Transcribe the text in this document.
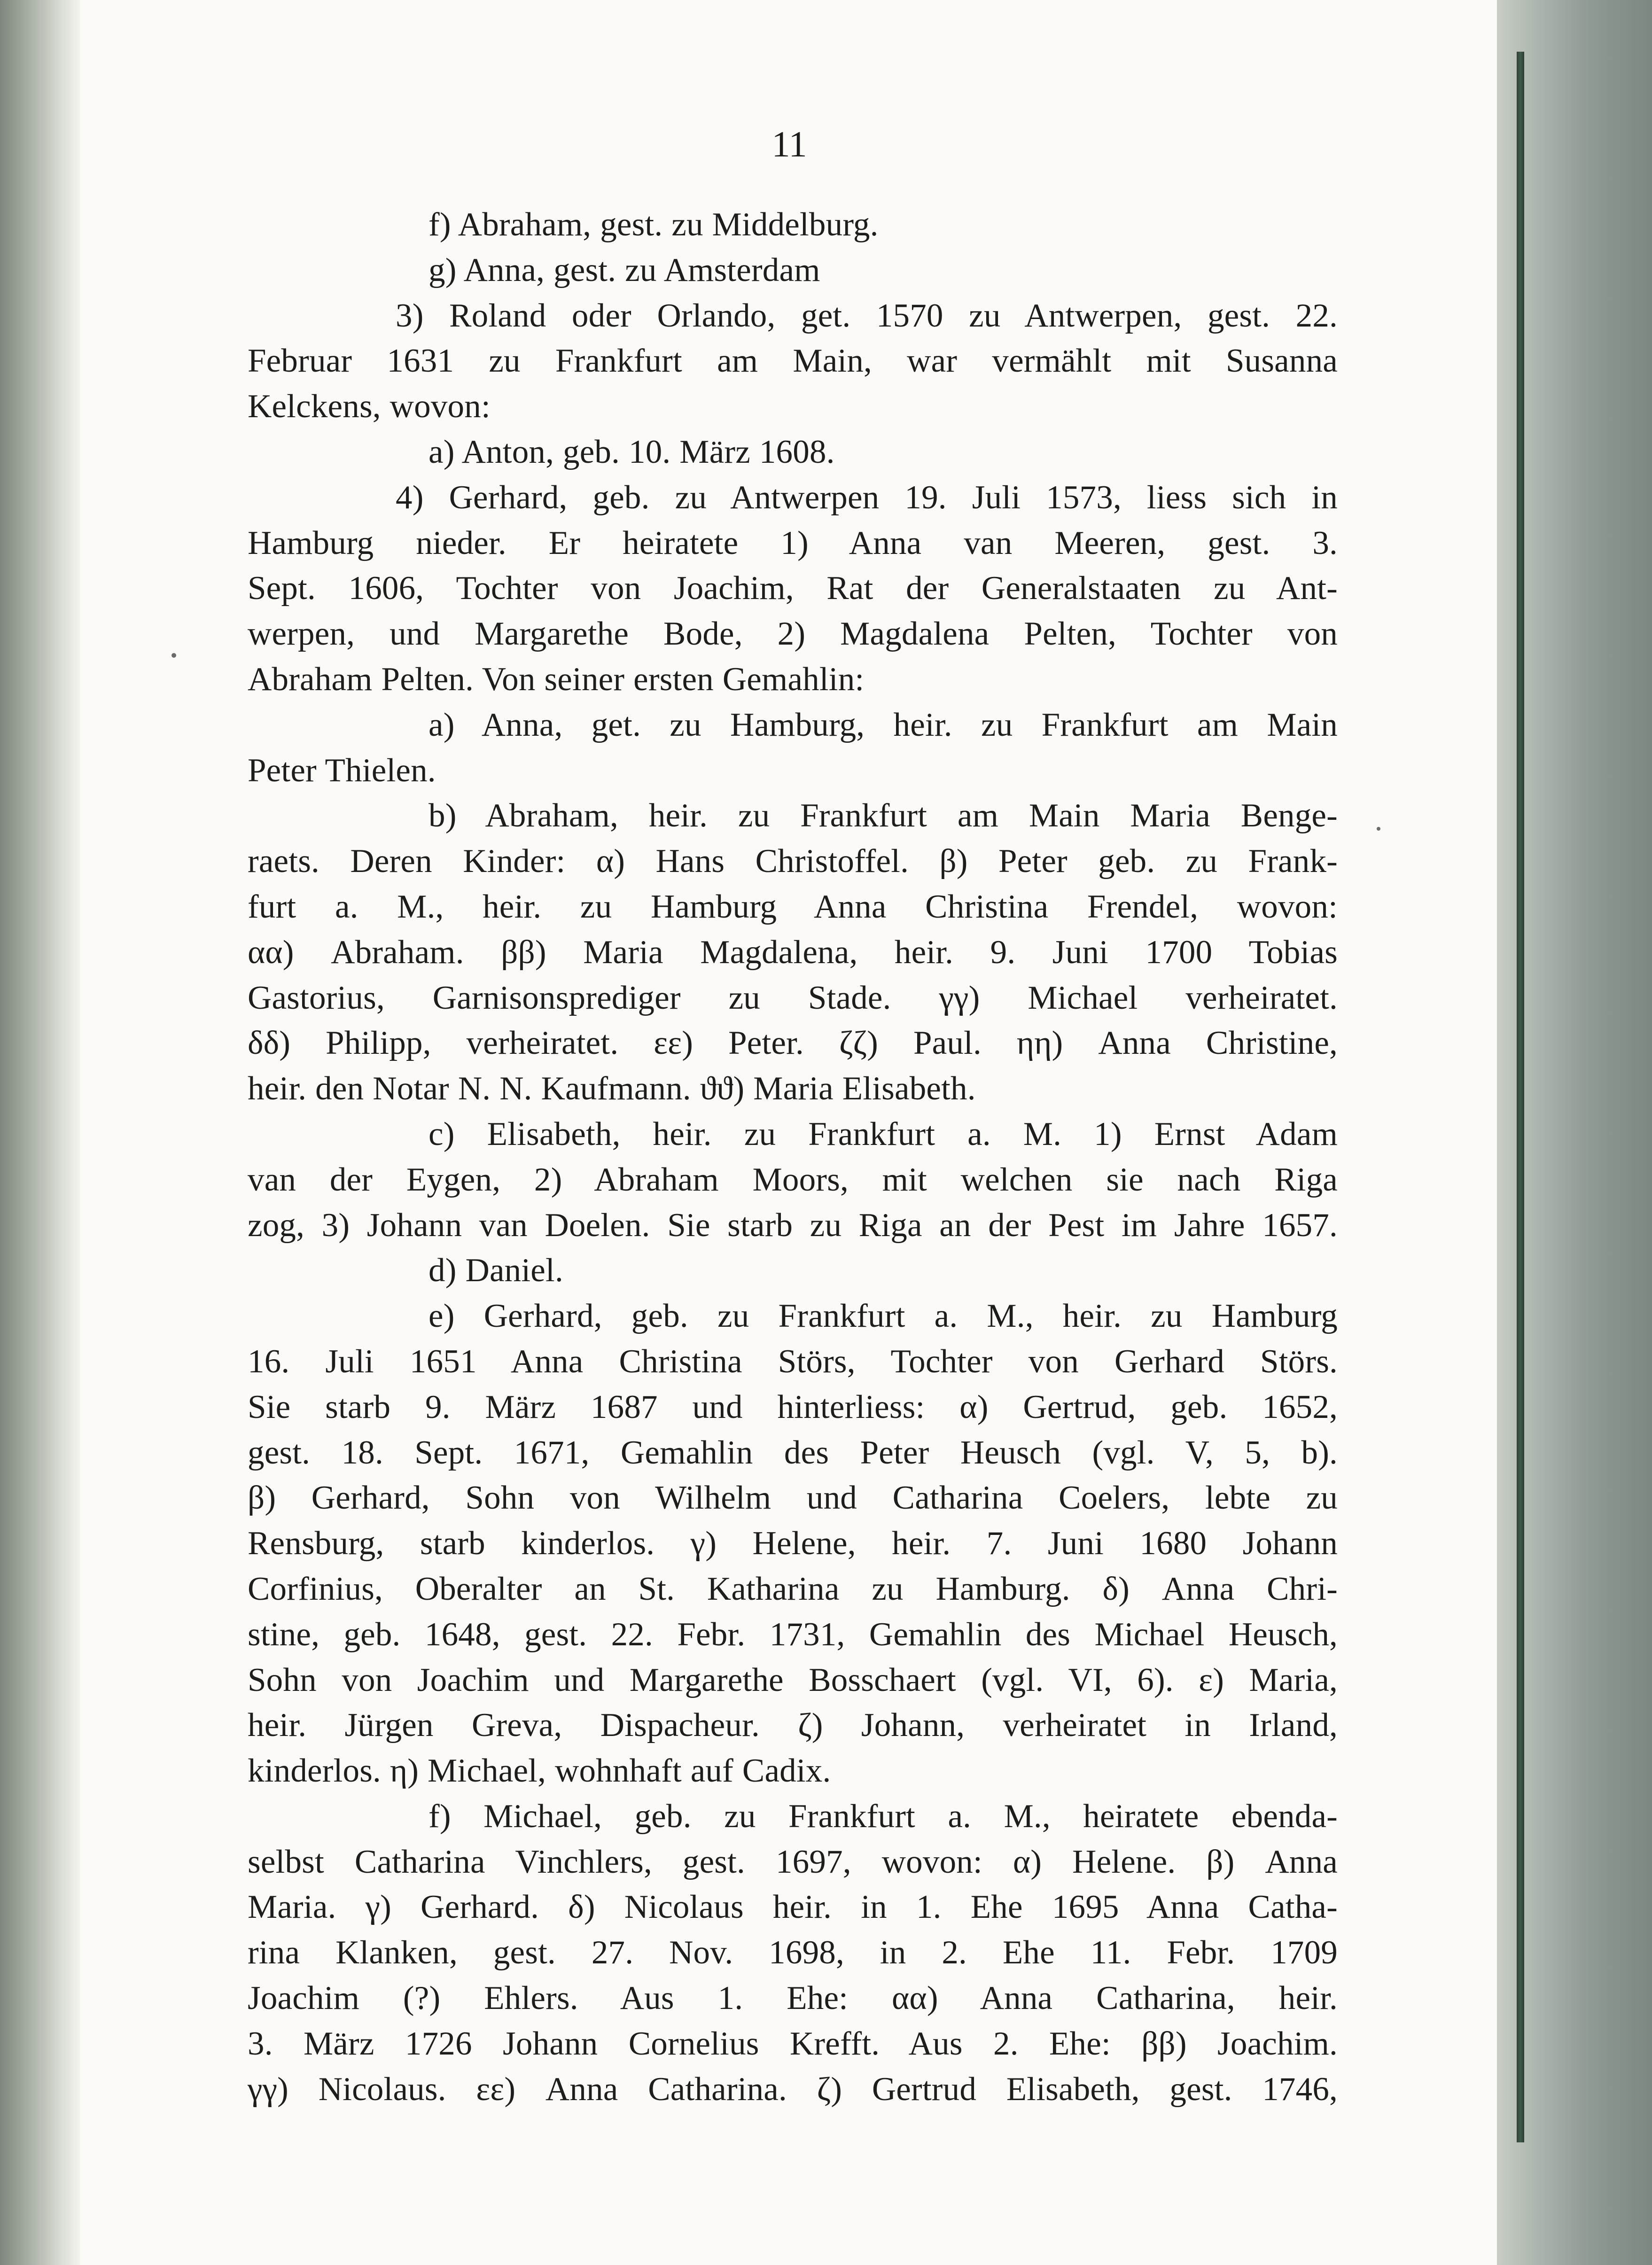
11
f) Abraham, gest. zu Middelburg.
g) Anna, gest. zu Amsterdam
3) Roland oder Orlando, get. 1570 zu Antwerpen, gest. 22.
Februar 1631 zu Frankfurt am Main, war vermählt mit Susanna
Kelckens, wovon:
a) Anton, geb. 10. März 1608.
4) Gerhard, geb. zu Antwerpen 19. Juli 1573, liess sich in
Hamburg nieder. Er heiratete 1) Anna van Meeren, gest. 3.
Sept. 1606, Tochter von Joachim, Rat der Generalstaaten zu Ant-
werpen, und Margarethe Bode, 2) Magdalena Pelten, Tochter von
Abraham Pelten. Von seiner ersten Gemahlin:
a) Anna, get. zu Hamburg, heir. zu Frankfurt am Main
Peter Thielen.
b) Abraham, heir. zu Frankfurt am Main Maria Benge-
raets. Deren Kinder: α) Hans Christoffel. β) Peter geb. zu Frank-
furt a. M., heir. zu Hamburg Anna Christina Frendel, wovon:
αα) Abraham. ββ) Maria Magdalena, heir. 9. Juni 1700 Tobias
Gastorius, Garnisonsprediger zu Stade. γγ) Michael verheiratet.
δδ) Philipp, verheiratet. εε) Peter. ζζ) Paul. ηη) Anna Christine,
heir. den Notar N. N. Kaufmann. ϑϑ) Maria Elisabeth.
c) Elisabeth, heir. zu Frankfurt a. M. 1) Ernst Adam
van der Eygen, 2) Abraham Moors, mit welchen sie nach Riga
zog, 3) Johann van Doelen. Sie starb zu Riga an der Pest im Jahre 1657.
d) Daniel.
e) Gerhard, geb. zu Frankfurt a. M., heir. zu Hamburg
16. Juli 1651 Anna Christina Störs, Tochter von Gerhard Störs.
Sie starb 9. März 1687 und hinterliess: α) Gertrud, geb. 1652,
gest. 18. Sept. 1671, Gemahlin des Peter Heusch (vgl. V, 5, b).
β) Gerhard, Sohn von Wilhelm und Catharina Coelers, lebte zu
Rensburg, starb kinderlos. γ) Helene, heir. 7. Juni 1680 Johann
Corfinius, Oberalter an St. Katharina zu Hamburg. δ) Anna Chri-
stine, geb. 1648, gest. 22. Febr. 1731, Gemahlin des Michael Heusch,
Sohn von Joachim und Margarethe Bosschaert (vgl. VI, 6). ε) Maria,
heir. Jürgen Greva, Dispacheur. ζ) Johann, verheiratet in Irland,
kinderlos. η) Michael, wohnhaft auf Cadix.
f) Michael, geb. zu Frankfurt a. M., heiratete ebenda-
selbst Catharina Vinchlers, gest. 1697, wovon: α) Helene. β) Anna
Maria. γ) Gerhard. δ) Nicolaus heir. in 1. Ehe 1695 Anna Catha-
rina Klanken, gest. 27. Nov. 1698, in 2. Ehe 11. Febr. 1709
Joachim (?) Ehlers. Aus 1. Ehe: αα) Anna Catharina, heir.
3. März 1726 Johann Cornelius Krefft. Aus 2. Ehe: ββ) Joachim.
γγ) Nicolaus. εε) Anna Catharina. ζ) Gertrud Elisabeth, gest. 1746,
